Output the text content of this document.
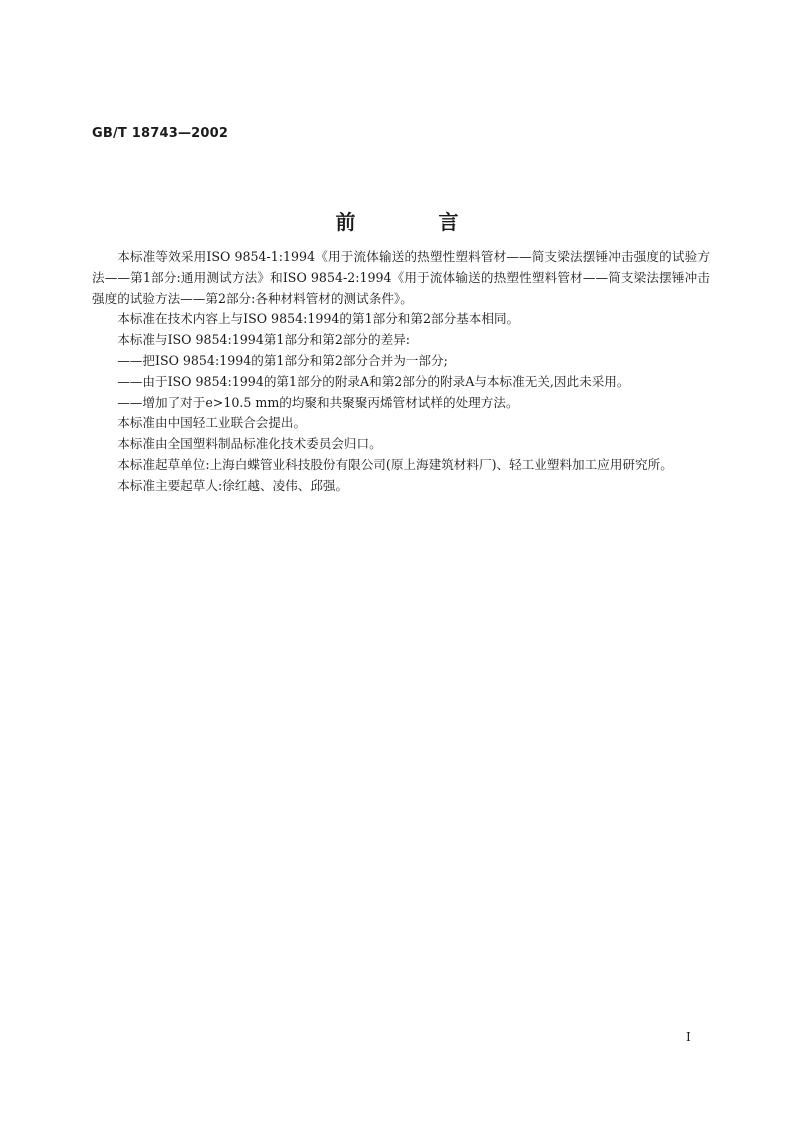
GB/T 18743—2002
前 言

本标准等效采用ISO 9854-1:1994《用于流体输送的热塑性塑料管材——简支梁法摆锤冲击强度的试验方法——第1部分:通用测试方法》和ISO 9854-2:1994《用于流体输送的热塑性塑料管材——简支梁法摆锤冲击强度的试验方法——第2部分:各种材料管材的测试条件》。

本标准在技术内容上与ISO 9854:1994的第1部分和第2部分基本相同。

本标准与ISO 9854:1994第1部分和第2部分的差异:

——把ISO 9854:1994的第1部分和第2部分合并为一部分;

——由于ISO 9854:1994的第1部分的附录A和第2部分的附录A与本标准无关,因此未采用。

——增加了对于e>10.5 mm的均聚和共聚聚丙烯管材试样的处理方法。

本标准由中国轻工业联合会提出。

本标准由全国塑料制品标准化技术委员会归口。

本标准起草单位:上海白蝶管业科技股份有限公司(原上海建筑材料厂)、轻工业塑料加工应用研究所。

本标准主要起草人:徐红越、凌伟、邱强。

I
